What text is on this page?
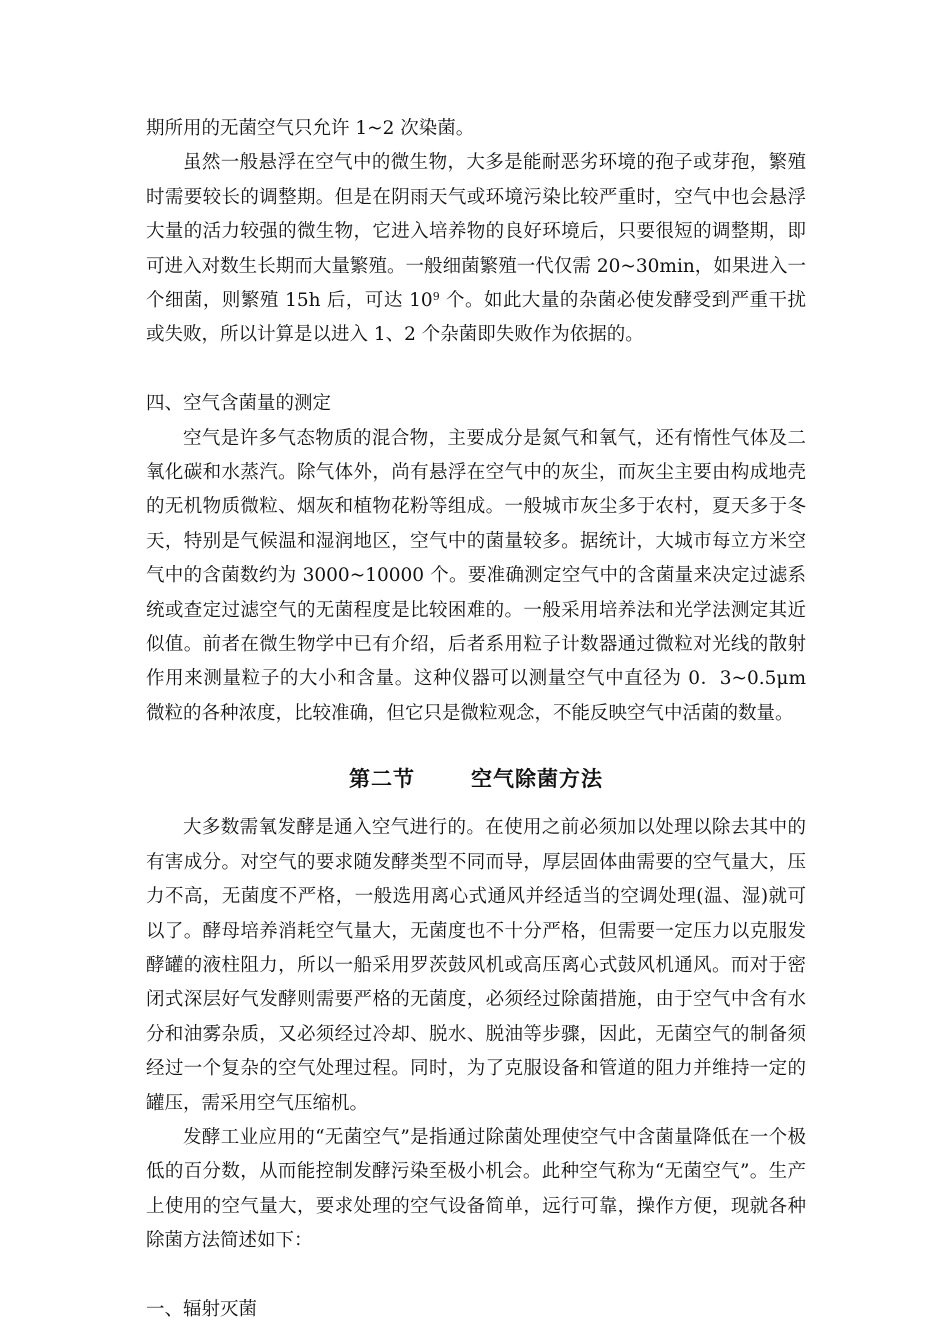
期所用的无菌空气只允许 1~2 次染菌。

虽然一般悬浮在空气中的微生物，大多是能耐恶劣环境的孢子或芽孢，繁殖时需要较长的调整期。但是在阴雨天气或环境污染比较严重时，空气中也会悬浮大量的活力较强的微生物，它进入培养物的良好环境后，只要很短的调整期，即可进入对数生长期而大量繁殖。一般细菌繁殖一代仅需 20~30min，如果进入一个细菌，则繁殖 15h 后，可达 $10^9$ 个。如此大量的杂菌必使发酵受到严重干扰或失败，所以计算是以进入 1、2 个杂菌即失败作为依据的。

四、空气含菌量的测定

空气是许多气态物质的混合物，主要成分是氮气和氧气，还有惰性气体及二氧化碳和水蒸汽。除气体外，尚有悬浮在空气中的灰尘，而灰尘主要由构成地壳的无机物质微粒、烟灰和植物花粉等组成。一般城市灰尘多于农村，夏天多于冬天，特别是气候温和湿润地区，空气中的菌量较多。据统计，大城市每立方米空气中的含菌数约为 3000~10000 个。要准确测定空气中的含菌量来决定过滤系统或查定过滤空气的无菌程度是比较困难的。一般采用培养法和光学法测定其近似值。前者在微生物学中已有介绍，后者系用粒子计数器通过微粒对光线的散射作用来测量粒子的大小和含量。这种仪器可以测量空气中直径为 0．3~0.5μm 微粒的各种浓度，比较准确，但它只是微粒观念，不能反映空气中活菌的数量。

第二节	空气除菌方法

大多数需氧发酵是通入空气进行的。在使用之前必须加以处理以除去其中的有害成分。对空气的要求随发酵类型不同而导，厚层固体曲需要的空气量大，压力不高，无菌度不严格，一般选用离心式通风并经适当的空调处理(温、湿)就可以了。酵母培养消耗空气量大，无菌度也不十分严格，但需要一定压力以克服发酵罐的液柱阻力，所以一船采用罗茨鼓风机或高压离心式鼓风机通风。而对于密闭式深层好气发酵则需要严格的无菌度，必须经过除菌措施，由于空气中含有水分和油雾杂质，又必须经过冷却、脱水、脱油等步骤，因此，无菌空气的制备须经过一个复杂的空气处理过程。同时，为了克服设备和管道的阻力并维持一定的罐压，需采用空气压缩机。

发酵工业应用的“无菌空气”是指通过除菌处理使空气中含菌量降低在一个极低的百分数，从而能控制发酵污染至极小机会。此种空气称为“无菌空气”。生产上使用的空气量大，要求处理的空气设备简单，远行可靠，操作方便，现就各种除菌方法简述如下：

一、辐射灭菌
